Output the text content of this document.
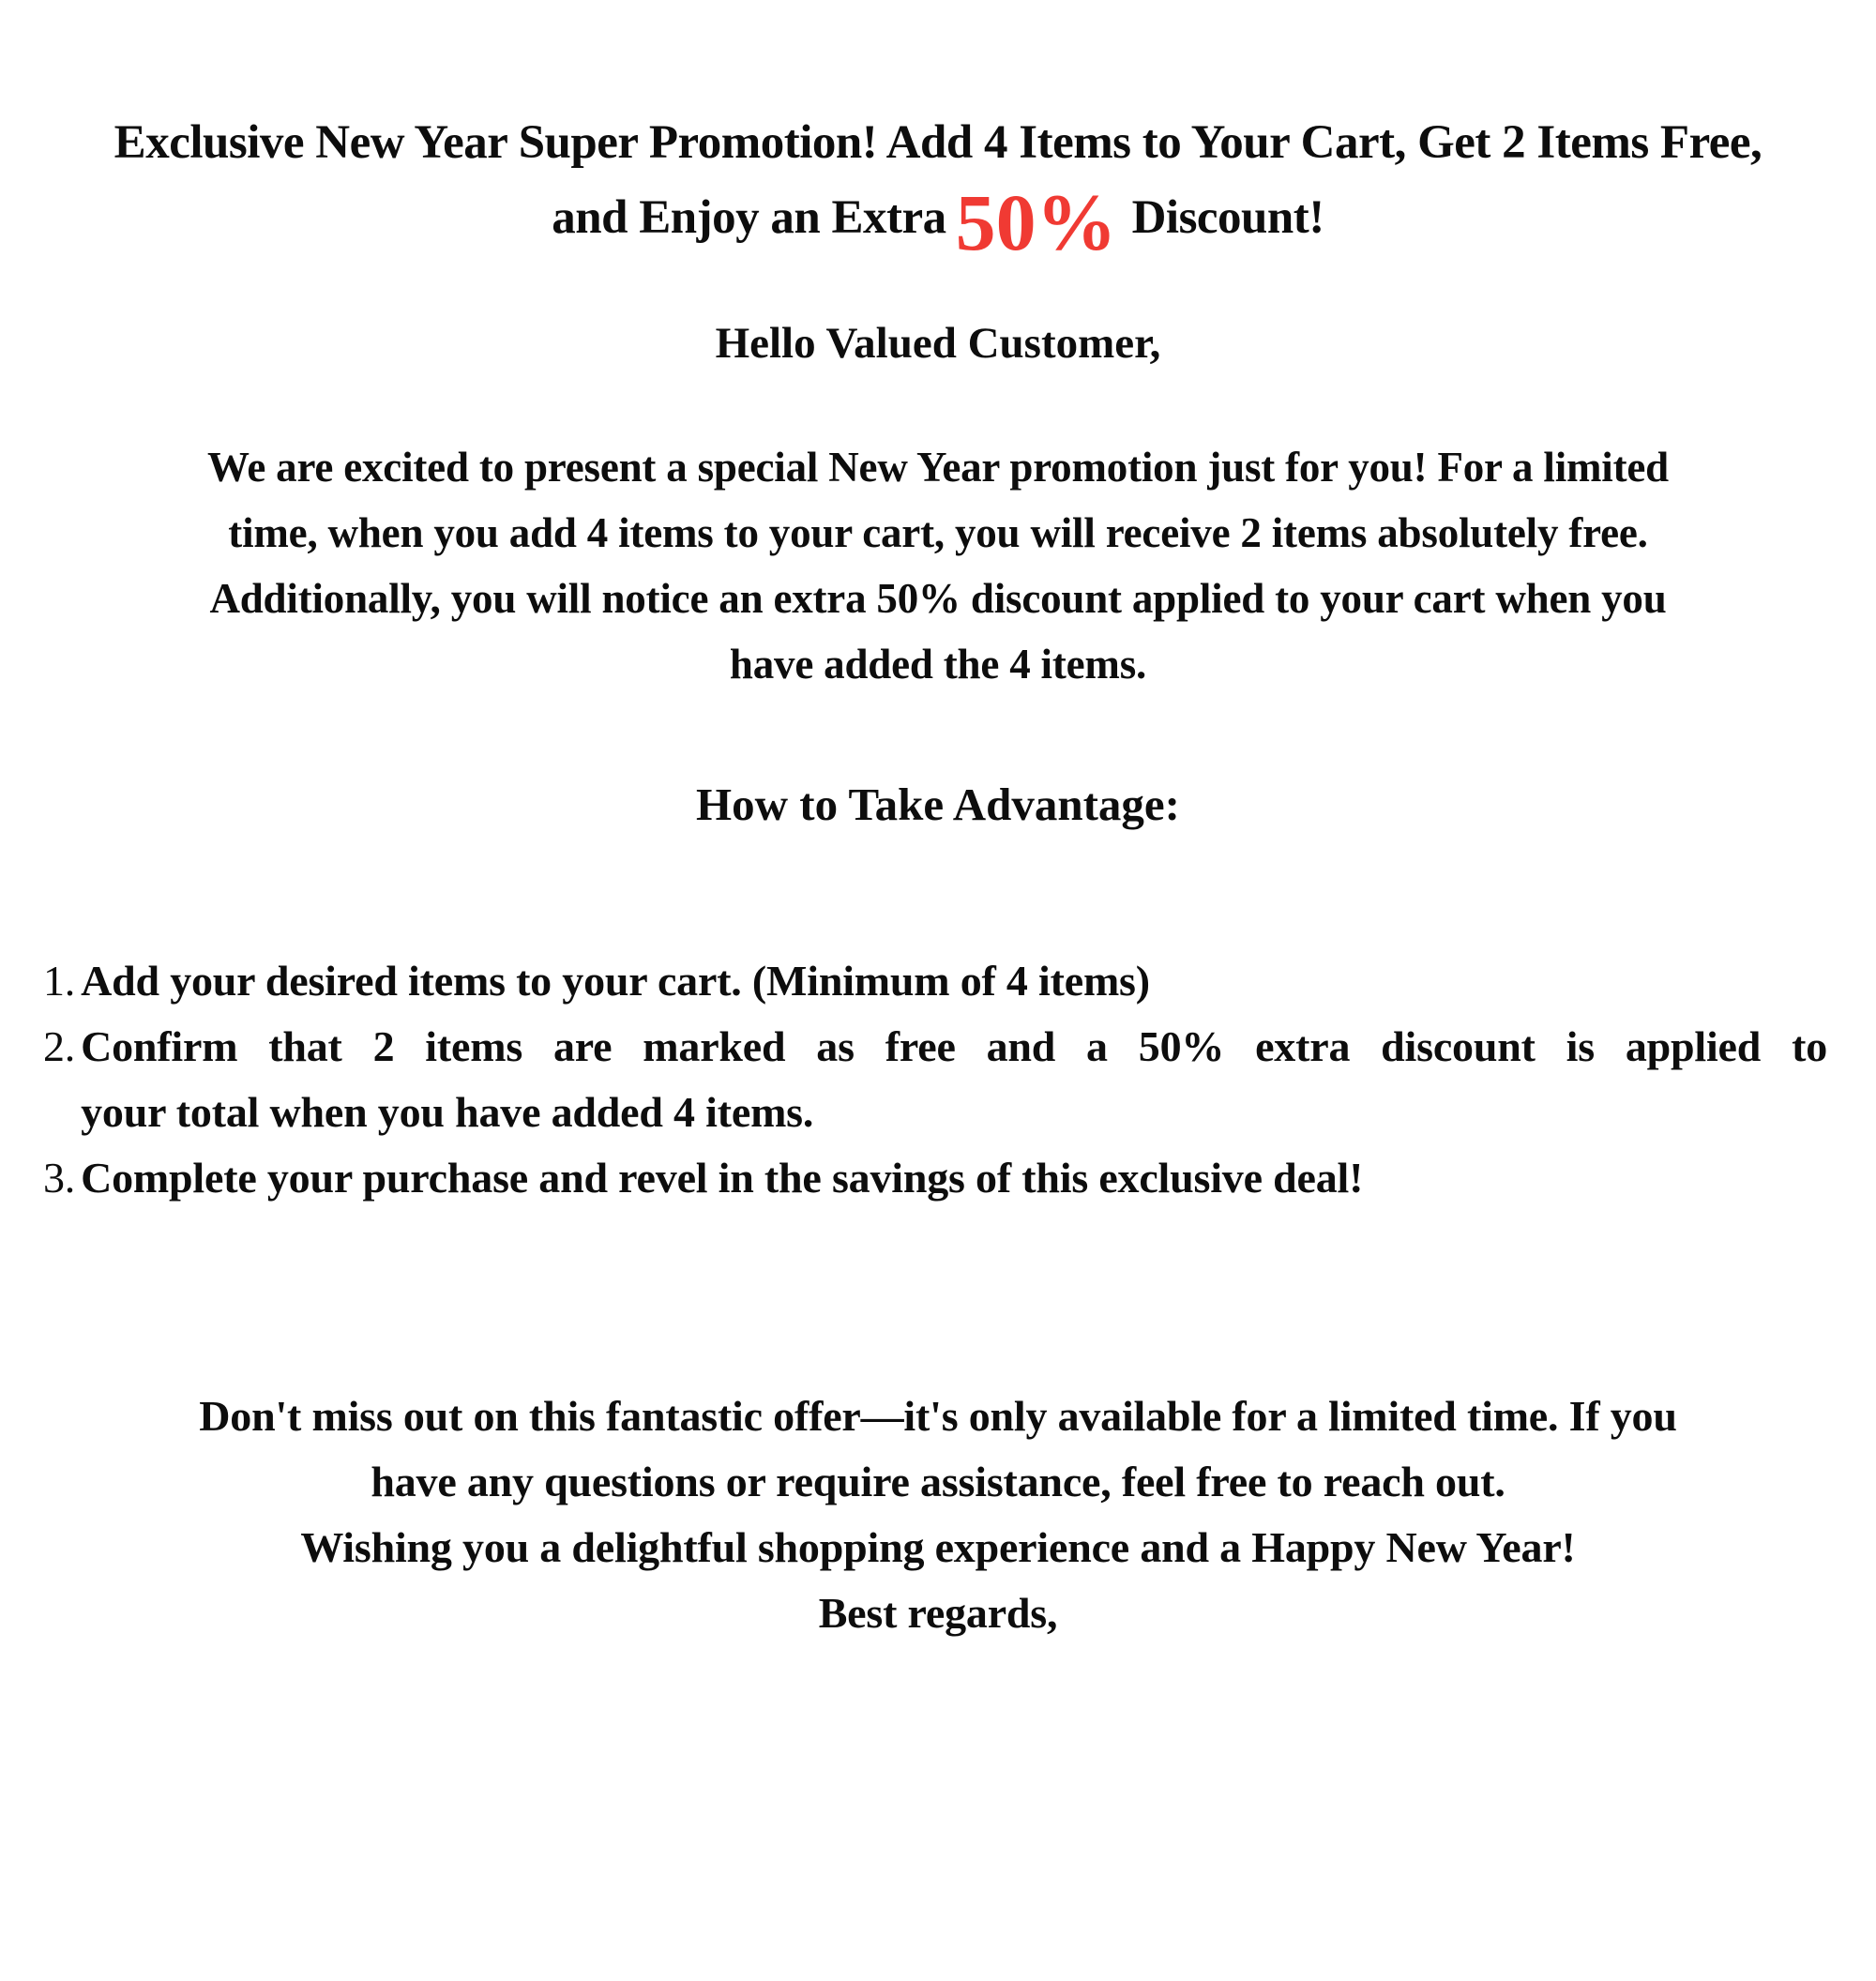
Exclusive New Year Super Promotion! Add 4 Items to Your Cart, Get 2 Items Free,
and Enjoy an Extra 50% Discount!
Hello Valued Customer,
We are excited to present a special New Year promotion just for you! For a limited
time, when you add 4 items to your cart, you will receive 2 items absolutely free.
Additionally, you will notice an extra 50% discount applied to your cart when you
have added the 4 items.
How to Take Advantage:
1. Add your desired items to your cart. (Minimum of 4 items)
2. Confirm that 2 items are marked as free and a 50% extra discount is applied to
your total when you have added 4 items.
3. Complete your purchase and revel in the savings of this exclusive deal!
Don't miss out on this fantastic offer—it's only available for a limited time. If you
have any questions or require assistance, feel free to reach out.
Wishing you a delightful shopping experience and a Happy New Year!
Best regards,
